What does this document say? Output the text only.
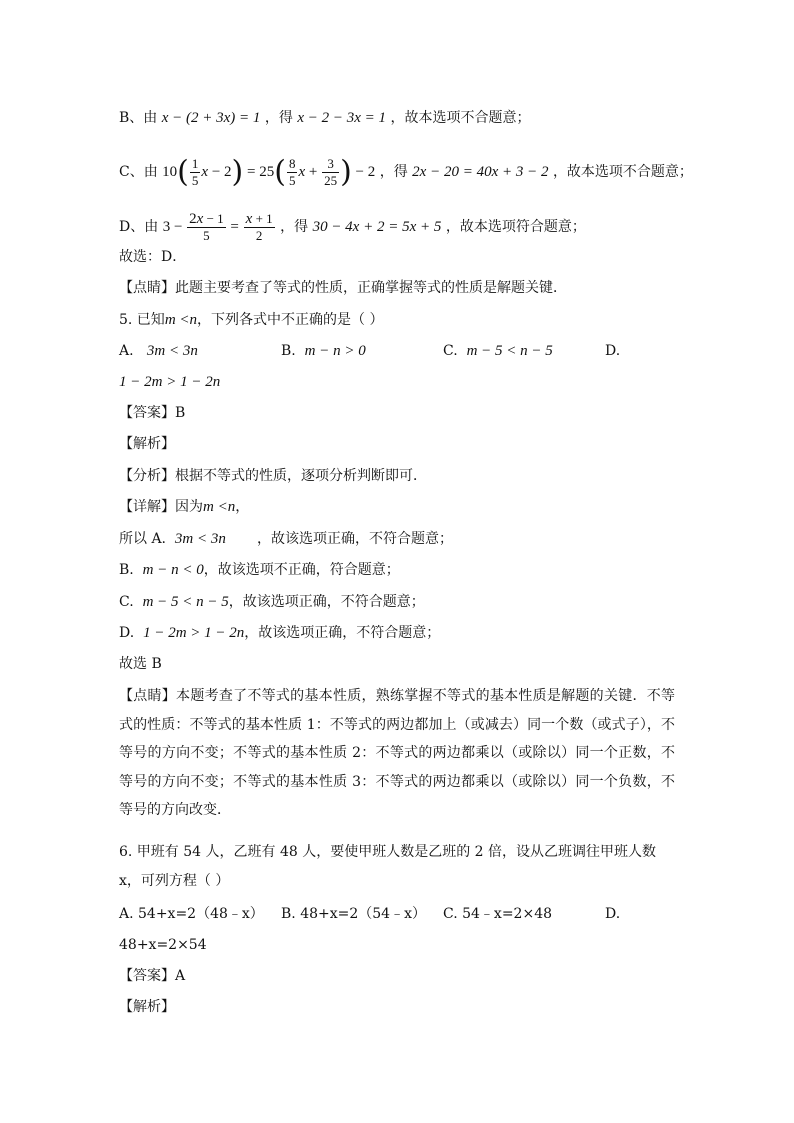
B、由 x − (2 + 3x) = 1 ，得 x − 2 − 3x = 1 ，故本选项不合题意；
C、由 $10( \frac{1}{5}$ $x - 2) = 25( \frac{8}{5}$ $x + \frac{3}{25}$ ) − 2 ，得 2x − 20 = 40x + 3 − 2 ，故本选项不合题意；
D、由 $3 - \frac{2x - 1}{5} = \frac{x + 1}{2}$ ，得 30 − 4x + 2 = 5x + 5 ，故本选项符合题意；
故选：D．
【点睛】此题主要考查了等式的性质，正确掌握等式的性质是解题关键．
5. 已知m <n，下列各式中不正确的是（ ）
A. 3m < 3n	B. m − n > 0	C. m − 5 < n − 5	D.
1 − 2m > 1 − 2n
【答案】B
【解析】
【分析】根据不等式的性质，逐项分析判断即可．
【详解】因为m <n，
所以 A. 3m < 3n ，故该选项正确，不符合题意；
B. m − n < 0，故该选项不正确，符合题意；
C. m − 5 < n − 5，故该选项正确，不符合题意；
D. 1 − 2m > 1 − 2n，故该选项正确，不符合题意；
故选 B
【点睛】本题考查了不等式的基本性质，熟练掌握不等式的基本性质是解题的关键．不等式的性质：不等式的基本性质 1：不等式的两边都加上（或减去）同一个数（或式子），不等号的方向不变；不等式的基本性质 2：不等式的两边都乘以（或除以）同一个正数，不等号的方向不变；不等式的基本性质 3：不等式的两边都乘以（或除以）同一个负数，不等号的方向改变．
6. 甲班有 54 人，乙班有 48 人，要使甲班人数是乙班的 2 倍，设从乙班调往甲班人数 x，可列方程（ ）
A. 54+x=2（48﹣x） B. 48+x=2（54﹣x） C. 54﹣x=2×48	D.
48+x=2×54
【答案】A
【解析】
